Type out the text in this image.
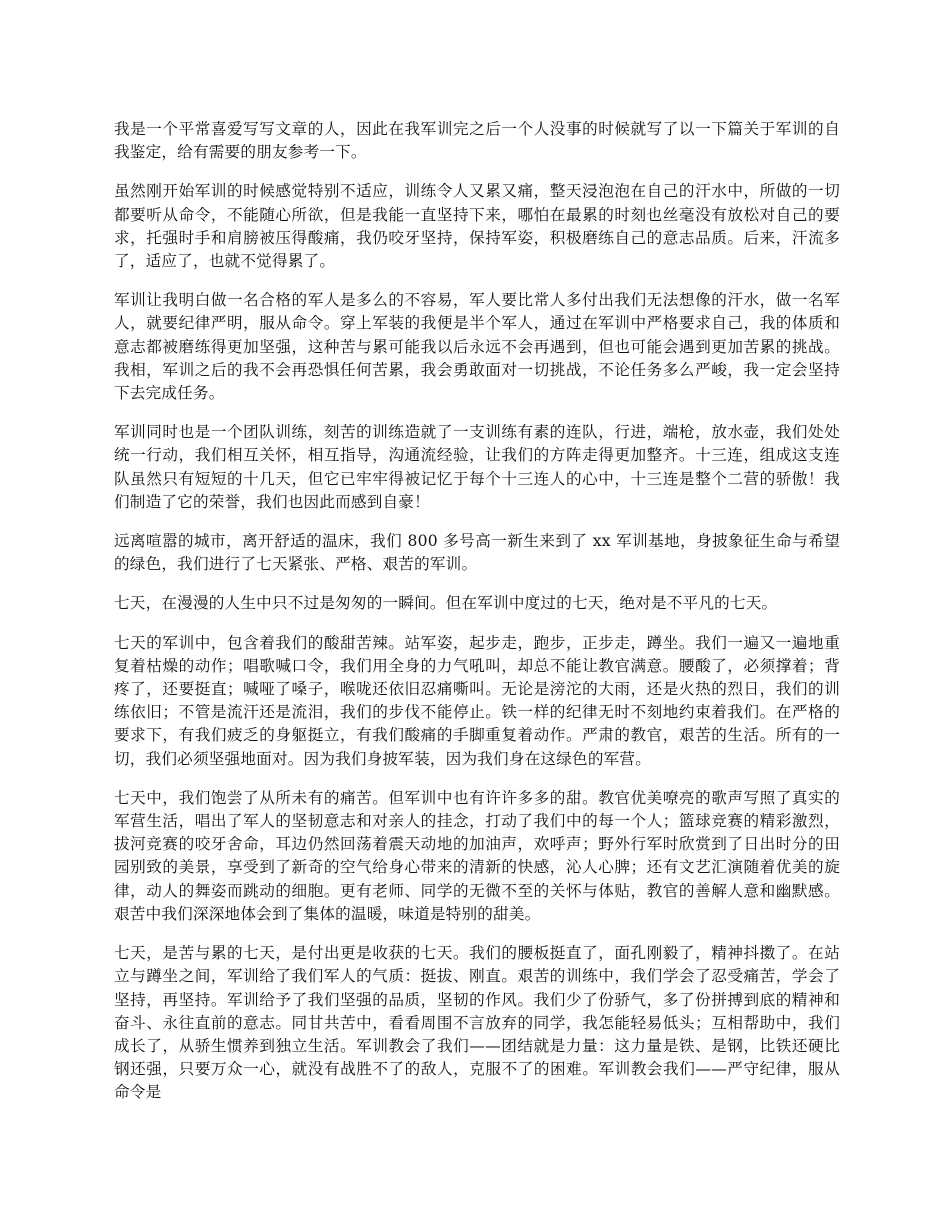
我是一个平常喜爱写写文章的人，因此在我军训完之后一个人没事的时候就写了以一下篇关于军训的自我鉴定，给有需要的朋友参考一下。

虽然刚开始军训的时候感觉特别不适应，训练令人又累又痛，整天浸泡泡在自己的汗水中，所做的一切都要听从命令，不能随心所欲，但是我能一直坚持下来，哪怕在最累的时刻也丝毫没有放松对自己的要求，托强时手和肩膀被压得酸痛，我仍咬牙坚持，保持军姿，积极磨练自己的意志品质。后来，汗流多了，适应了，也就不觉得累了。

军训让我明白做一名合格的军人是多么的不容易，军人要比常人多付出我们无法想像的汗水，做一名军人，就要纪律严明，服从命令。穿上军装的我便是半个军人，通过在军训中严格要求自己，我的体质和意志都被磨练得更加坚强，这种苦与累可能我以后永远不会再遇到，但也可能会遇到更加苦累的挑战。我相，军训之后的我不会再恐惧任何苦累，我会勇敢面对一切挑战，不论任务多么严峻，我一定会坚持下去完成任务。

军训同时也是一个团队训练，刻苦的训练造就了一支训练有素的连队，行进，端枪，放水壶，我们处处统一行动，我们相互关怀，相互指导，沟通流经验，让我们的方阵走得更加整齐。十三连，组成这支连队虽然只有短短的十几天，但它已牢牢得被记忆于每个十三连人的心中，十三连是整个二营的骄傲！我们制造了它的荣誉，我们也因此而感到自豪！

远离喧嚣的城市，离开舒适的温床，我们 800 多号高一新生来到了 xx 军训基地，身披象征生命与希望的绿色，我们进行了七天紧张、严格、艰苦的军训。

七天，在漫漫的人生中只不过是匆匆的一瞬间。但在军训中度过的七天，绝对是不平凡的七天。

七天的军训中，包含着我们的酸甜苦辣。站军姿，起步走，跑步，正步走，蹲坐。我们一遍又一遍地重复着枯燥的动作；唱歌喊口令，我们用全身的力气吼叫，却总不能让教官满意。腰酸了，必须撑着；背疼了，还要挺直；喊哑了嗓子，喉咙还依旧忍痛嘶叫。无论是滂沱的大雨，还是火热的烈日，我们的训练依旧；不管是流汗还是流泪，我们的步伐不能停止。铁一样的纪律无时不刻地约束着我们。在严格的要求下，有我们疲乏的身躯挺立，有我们酸痛的手脚重复着动作。严肃的教官，艰苦的生活。所有的一切，我们必须坚强地面对。因为我们身披军装，因为我们身在这绿色的军营。

七天中，我们饱尝了从所未有的痛苦。但军训中也有许许多多的甜。教官优美嘹亮的歌声写照了真实的军营生活，唱出了军人的坚韧意志和对亲人的挂念，打动了我们中的每一个人；篮球竞赛的精彩激烈，拔河竞赛的咬牙舍命，耳边仍然回荡着震天动地的加油声，欢呼声；野外行军时欣赏到了日出时分的田园别致的美景，享受到了新奇的空气给身心带来的清新的快感，沁人心脾；还有文艺汇演随着优美的旋律，动人的舞姿而跳动的细胞。更有老师、同学的无微不至的关怀与体贴，教官的善解人意和幽默感。艰苦中我们深深地体会到了集体的温暖，味道是特别的甜美。

七天，是苦与累的七天，是付出更是收获的七天。我们的腰板挺直了，面孔刚毅了，精神抖擞了。在站立与蹲坐之间，军训给了我们军人的气质：挺拔、刚直。艰苦的训练中，我们学会了忍受痛苦，学会了坚持，再坚持。军训给予了我们坚强的品质，坚韧的作风。我们少了份骄气，多了份拼搏到底的精神和奋斗、永往直前的意志。同甘共苦中，看看周围不言放弃的同学，我怎能轻易低头；互相帮助中，我们成长了，从骄生惯养到独立生活。军训教会了我们——团结就是力量：这力量是铁、是钢，比铁还硬比钢还强，只要万众一心，就没有战胜不了的敌人，克服不了的困难。军训教会我们——严守纪律，服从命令是
